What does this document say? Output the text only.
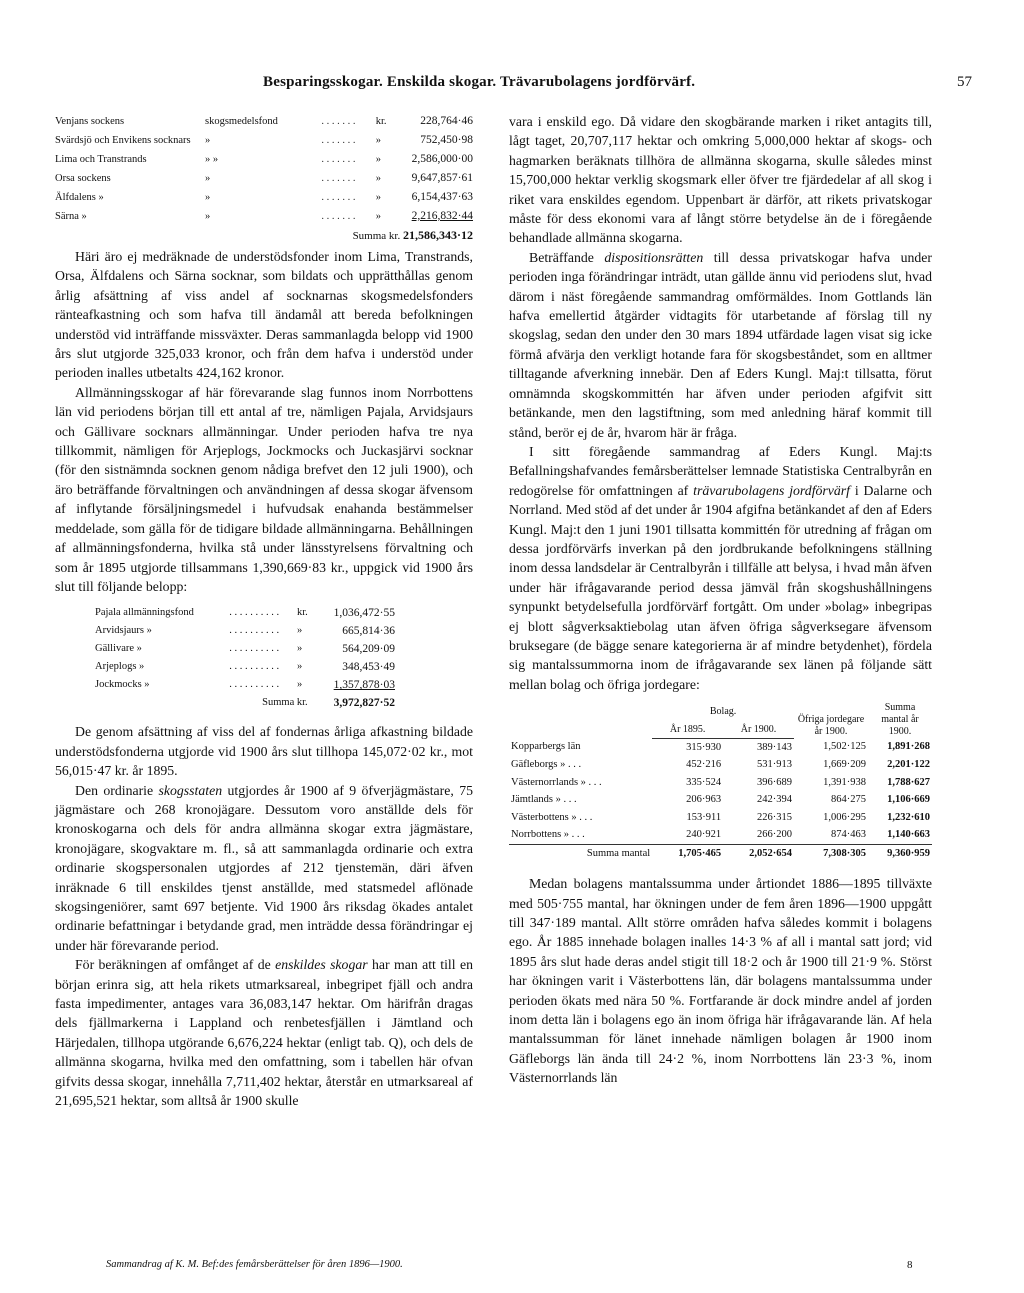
Besparingsskogar. Enskilda skogar. Trävarubolagens jordförvärf.	57
Venjans sockens	skogsmedelsfond	. . . . . . .	kr.	228,764·46
Svärdsjö och Envikens socknars	»	. . . . . . .	»	752,450·98
Lima och Transtrands	» »	. . . . . . .	»	2,586,000·00
Orsa sockens	»	. . . . . . .	»	9,647,857·61
Älfdalens »	»	. . . . . . .	»	6,154,437·63
Särna »	»	. . . . . . .	»	2,216,832·44
Summa kr. 21,586,343·12

Häri äro ej medräknade de understödsfonder inom Lima, Transtrands, Orsa, Älfdalens och Särna socknar, som bildats och upprätthållas genom årlig afsättning af viss andel af socknarnas skogsmedelsfonders ränteafkastning och som hafva till ändamål att bereda befolkningen understöd vid inträffande missväxter. Deras sammanlagda belopp vid 1900 års slut utgjorde 325,033 kronor, och från dem hafva i understöd under perioden inalles utbetalts 424,162 kronor.

Allmänningsskogar af här förevarande slag funnos inom Norrbottens län vid periodens början till ett antal af tre, nämligen Pajala, Arvidsjaurs och Gällivare socknars allmänningar. Under perioden hafva tre nya tillkommit, nämligen för Arjeplogs, Jockmocks och Juckasjärvi socknar (för den sistnämnda socknen genom nådiga brefvet den 12 juli 1900), och äro beträffande förvaltningen och användningen af dessa skogar äfvensom af inflytande försäljningsmedel i hufvudsak enahanda bestämmelser meddelade, som gälla för de tidigare bildade allmänningarna. Behållningen af allmänningsfonderna, hvilka stå under länsstyrelsens förvaltning och som år 1895 utgjorde tillsammans 1,390,669·83 kr., uppgick vid 1900 års slut till följande belopp:

Pajala allmänningsfond	. . . . . . . . . .	kr.	1,036,472·55
Arvidsjaurs »	. . . . . . . . . .	»	665,814·36
Gällivare »	. . . . . . . . . .	»	564,209·09
Arjeplogs »	. . . . . . . . . .	»	348,453·49
Jockmocks »	. . . . . . . . . .	»	1,357,878·03
Summa kr.			3,972,827·52

De genom afsättning af viss del af fondernas årliga afkastning bildade understödsfonderna utgjorde vid 1900 års slut tillhopa 145,072·02 kr., mot 56,015·47 kr. år 1895.

Den ordinarie skogsstaten utgjordes år 1900 af 9 öfverjägmästare, 75 jägmästare och 268 kronojägare. Dessutom voro anställde dels för kronoskogarna och dels för andra allmänna skogar extra jägmästare, kronojägare, skogvaktare m. fl., så att sammanlagda ordinarie och extra ordinarie skogspersonalen utgjordes af 212 tjenstemän, däri äfven inräknade 6 till enskildes tjenst anställde, med statsmedel aflönade skogsingeniörer, samt 697 betjente. Vid 1900 års riksdag ökades antalet ordinarie befattningar i betydande grad, men inträdde dessa förändringar ej under här förevarande period.

För beräkningen af omfånget af de enskildes skogar har man att till en början erinra sig, att hela rikets utmarksareal, inbegripet fjäll och andra fasta impedimenter, antages vara 36,083,147 hektar. Om härifrån dragas dels fjällmarkerna i Lappland och renbetesfjällen i Jämtland och Härjedalen, tillhopa utgörande 6,676,224 hektar (enligt tab. Q), och dels de allmänna skogarna, hvilka med den omfattning, som i tabellen här ofvan gifvits dessa skogar, innehålla 7,711,402 hektar, återstår en utmarksareal af 21,695,521 hektar, som alltså år 1900 skulle

vara i enskild ego. Då vidare den skogbärande marken i riket antagits till, lågt taget, 20,707,117 hektar och omkring 5,000,000 hektar af skogs- och hagmarken beräknats tillhöra de allmänna skogarna, skulle således minst 15,700,000 hektar verklig skogsmark eller öfver tre fjärdedelar af all skog i riket vara enskildes egendom. Uppenbart är därför, att rikets privatskogar måste för dess ekonomi vara af långt större betydelse än de i föregående behandlade allmänna skogarna.

Beträffande dispositionsrätten till dessa privatskogar hafva under perioden inga förändringar inträdt, utan gällde ännu vid periodens slut, hvad därom i näst föregående sammandrag omförmäldes. Inom Gottlands län hafva emellertid åtgärder vidtagits för utarbetande af förslag till ny skogslag, sedan den under den 30 mars 1894 utfärdade lagen visat sig icke förmå afvärja den verkligt hotande fara för skogsbeståndet, som en alltmer tilltagande afverkning innebär. Den af Eders Kungl. Maj:t tillsatta, förut omnämnda skogskommittén har äfven under perioden afgifvit sitt betänkande, men den lagstiftning, som med anledning häraf kommit till stånd, berör ej de år, hvarom här är fråga.

I sitt föregående sammandrag af Eders Kungl. Maj:ts Befallningshafvandes femårsberättelser lemnade Statistiska Centralbyrån en redogörelse för omfattningen af trävarubolagens jordförvärf i Dalarne och Norrland. Med stöd af det under år 1904 afgifna betänkandet af den af Eders Kungl. Maj:t den 1 juni 1901 tillsatta kommittén för utredning af frågan om dessa jordförvärfs inverkan på den jordbrukande befolkningens ställning inom dessa landsdelar är Centralbyrån i tillfälle att belysa, i hvad mån äfven under här ifrågavarande period dessa jämväl från skogshushållningens synpunkt betydelsefulla jordförvärf fortgått. Om under »bolag» inbegripas ej blott sågverksaktiebolag utan äfven öfriga sågverksegare äfvensom bruksegare (de bägge senare kategorierna är af mindre betydenhet), fördela sig mantalssummorna inom de ifrågavarande sex länen på följande sätt mellan bolag och öfriga jordegare:

	Bolag.		Öfriga jordegare år 1900.	Summa mantal år 1900.
	År 1895.	År 1900.		
Kopparbergs län	315·930	389·143	1,502·125	1,891·268
Gäfleborgs » . . .	452·216	531·913	1,669·209	2,201·122
Västernorrlands » . . .	335·524	396·689	1,391·938	1,788·627
Jämtlands » . . .	206·963	242·394	864·275	1,106·669
Västerbottens » . . .	153·911	226·315	1,006·295	1,232·610
Norrbottens » . . .	240·921	266·200	874·463	1,140·663
Summa mantal	1,705·465	2,052·654	7,308·305	9,360·959

Medan bolagens mantalssumma under årtiondet 1886—1895 tillväxte med 505·755 mantal, har ökningen under de fem åren 1896—1900 uppgått till 347·189 mantal. Allt större områden hafva således kommit i bolagens ego. År 1885 innehade bolagen inalles 14·3 % af all i mantal satt jord; vid 1895 års slut hade deras andel stigit till 18·2 och år 1900 till 21·9 %. Störst har ökningen varit i Västerbottens län, där bolagens mantalssumma under perioden ökats med nära 50 %. Fortfarande är dock mindre andel af jorden inom detta län i bolagens ego än inom öfriga här ifrågavarande län. Af hela mantalssumman för länet innehade nämligen bolagen år 1900 inom Gäfleborgs län ända till 24·2 %, inom Norrbottens län 23·3 %, inom Västernorrlands län

Sammandrag af K. M. Bef:des femårsberättelser för åren 1896—1900.	8
